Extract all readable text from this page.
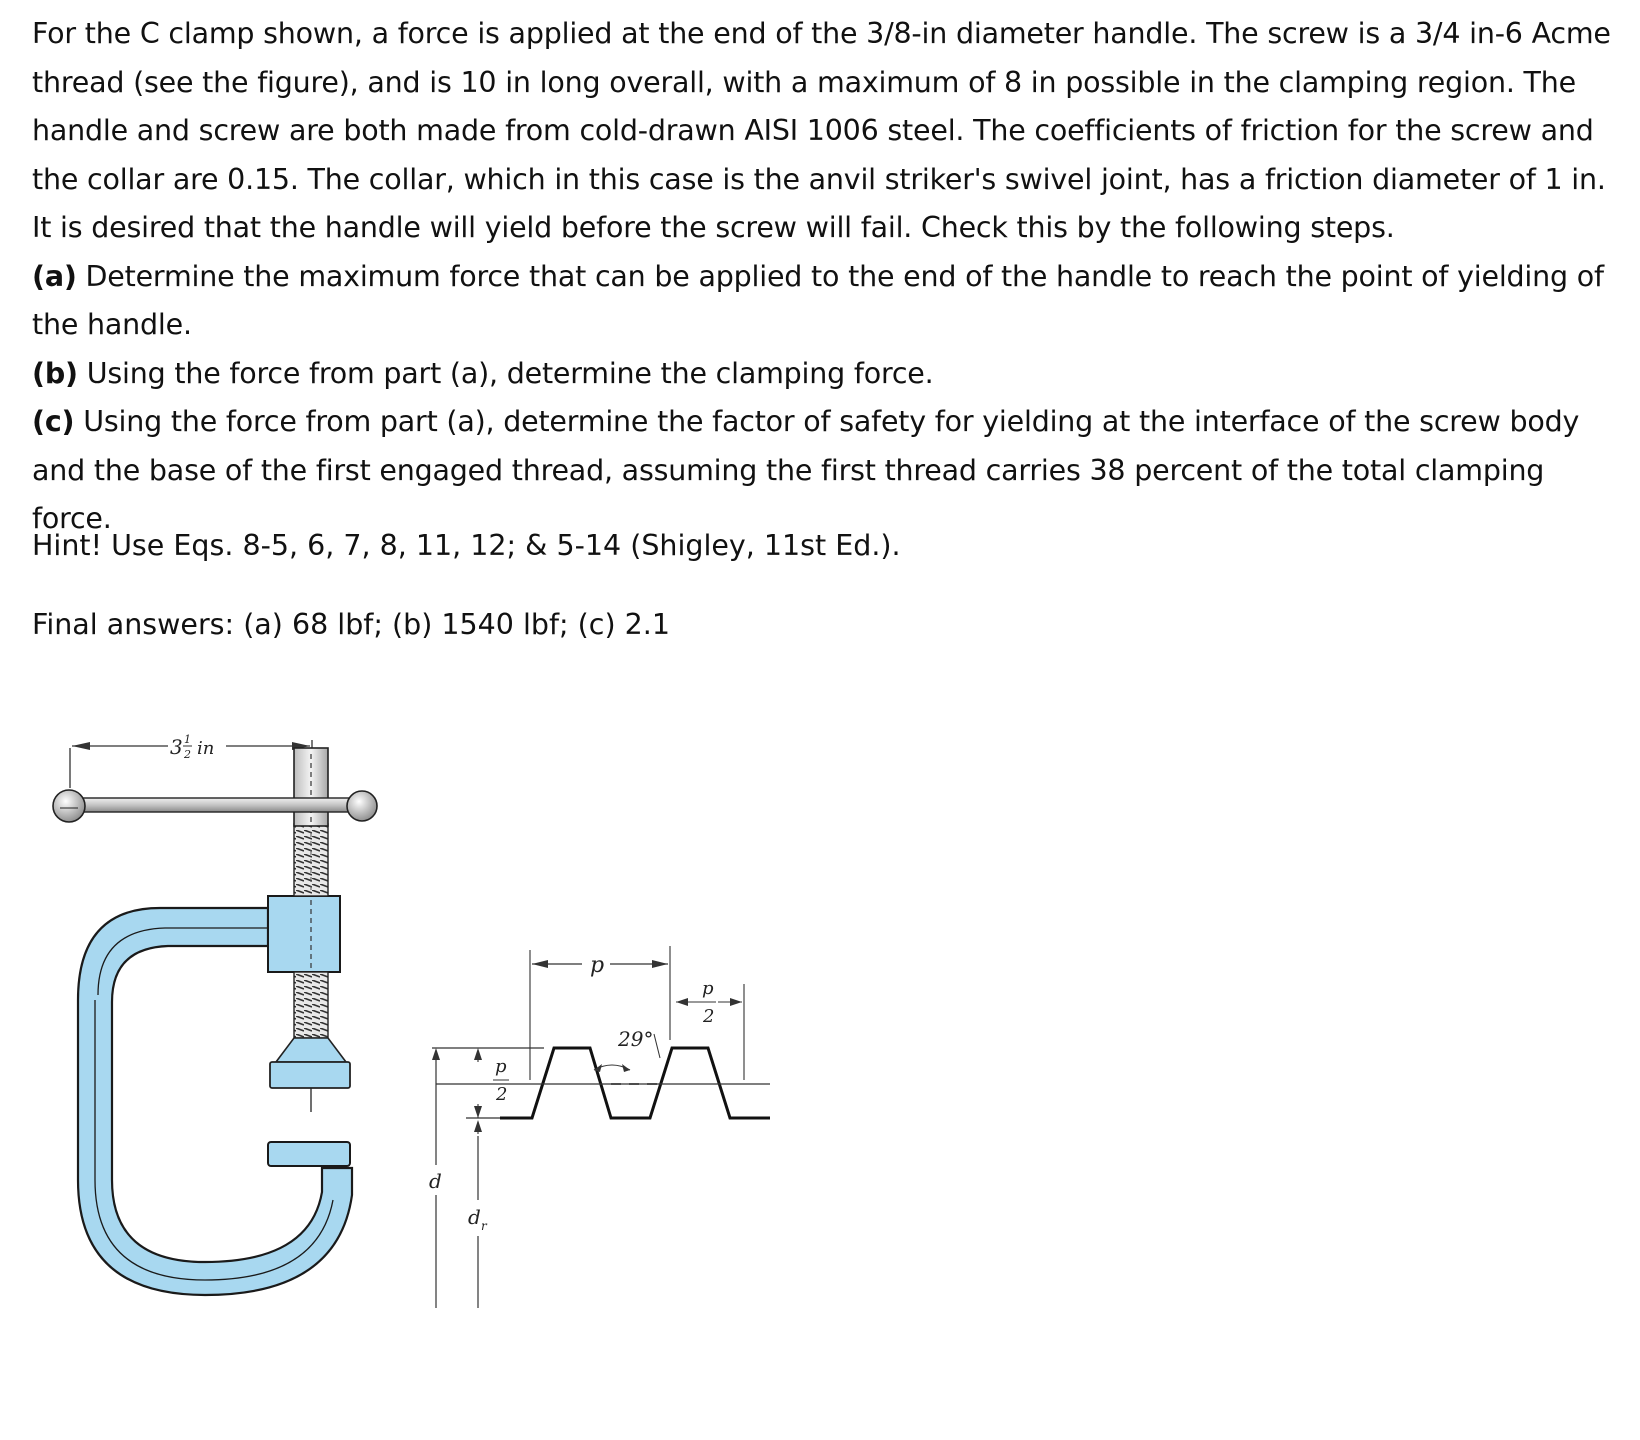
For the C clamp shown, a force is applied at the end of the 3/8-in diameter handle. The screw is a 3/4 in-6 Acme thread (see the figure), and is 10 in long overall, with a maximum of 8 in possible in the clamping region. The handle and screw are both made from cold-drawn AISI 1006 steel. The coefficients of friction for the screw and the collar are 0.15. The collar, which in this case is the anvil striker's swivel joint, has a friction diameter of 1 in. It is desired that the handle will yield before the screw will fail. Check this by the following steps.

(a) Determine the maximum force that can be applied to the end of the handle to reach the point of yielding of the handle.

(b) Using the force from part (a), determine the clamping force.

(c) Using the force from part (a), determine the factor of safety for yielding at the interface of the screw body and the base of the first engaged thread, assuming the first thread carries 38 percent of the total clamping force.

Hint! Use Eqs. 8-5, 6, 7, 8, 11, 12; & 5-14 (Shigley, 11st Ed.).
Final answers: (a) 68 lbf; (b) 1540 lbf; (c) 2.1
3 1
2 in
29°
p
p
2
p
2
d
d r
